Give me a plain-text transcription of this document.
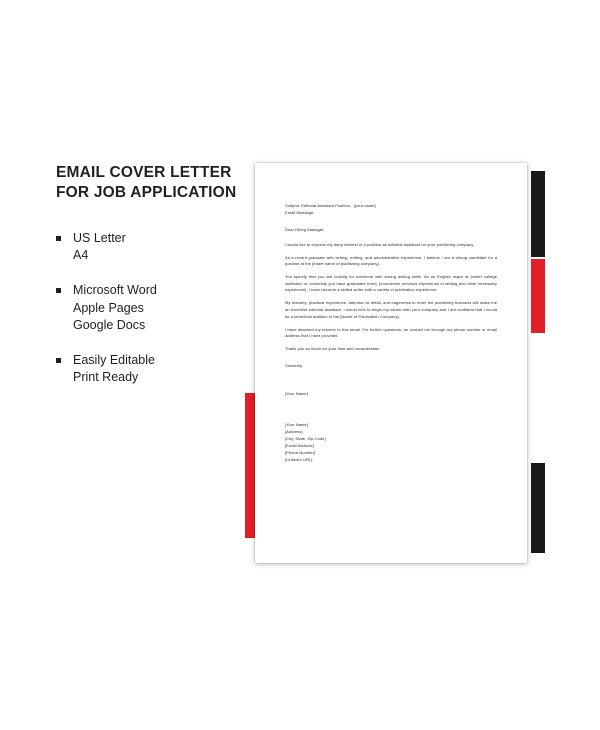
EMAIL COVER LETTER
FOR JOB APPLICATION
US Letter
A4
Microsoft Word
Apple Pages
Google Docs
Easily Editable
Print Ready

Subject: Editorial Assistant Position - [your name]

Email Message:

Dear Hiring Manager,

I would like to express my deep interest in a position as editorial assistant for your publishing company.

As a recent graduate with writing, editing, and administrative experience, I believe I am a strong candidate for a position at the [insert name of publishing company].

You specify that you are looking for someone with strong writing skills. As an English major at [insert college institution or university you have graduated from], [enumerate previous experience in writing and other necessary experience], I have become a skilled writer with a variety of publication experience.

My maturity, practical experience, attention to detail, and eagerness to enter the publishing business will make me an excellent editorial assistant. I would love to begin my career with your company and I am confident that I would be a beneficial addition to the [Name of Publication Company].

I have attached my resume to this email. For further questions, do contact me through my phone number or email address that I have provided.

Thank you so much for your time and consideration.

Sincerely,

[Your Name]

[Your Name]

[Address]

[City, State, Zip-Code]

[Email Address]

[Phone Number]

[LinkedIn URL]
